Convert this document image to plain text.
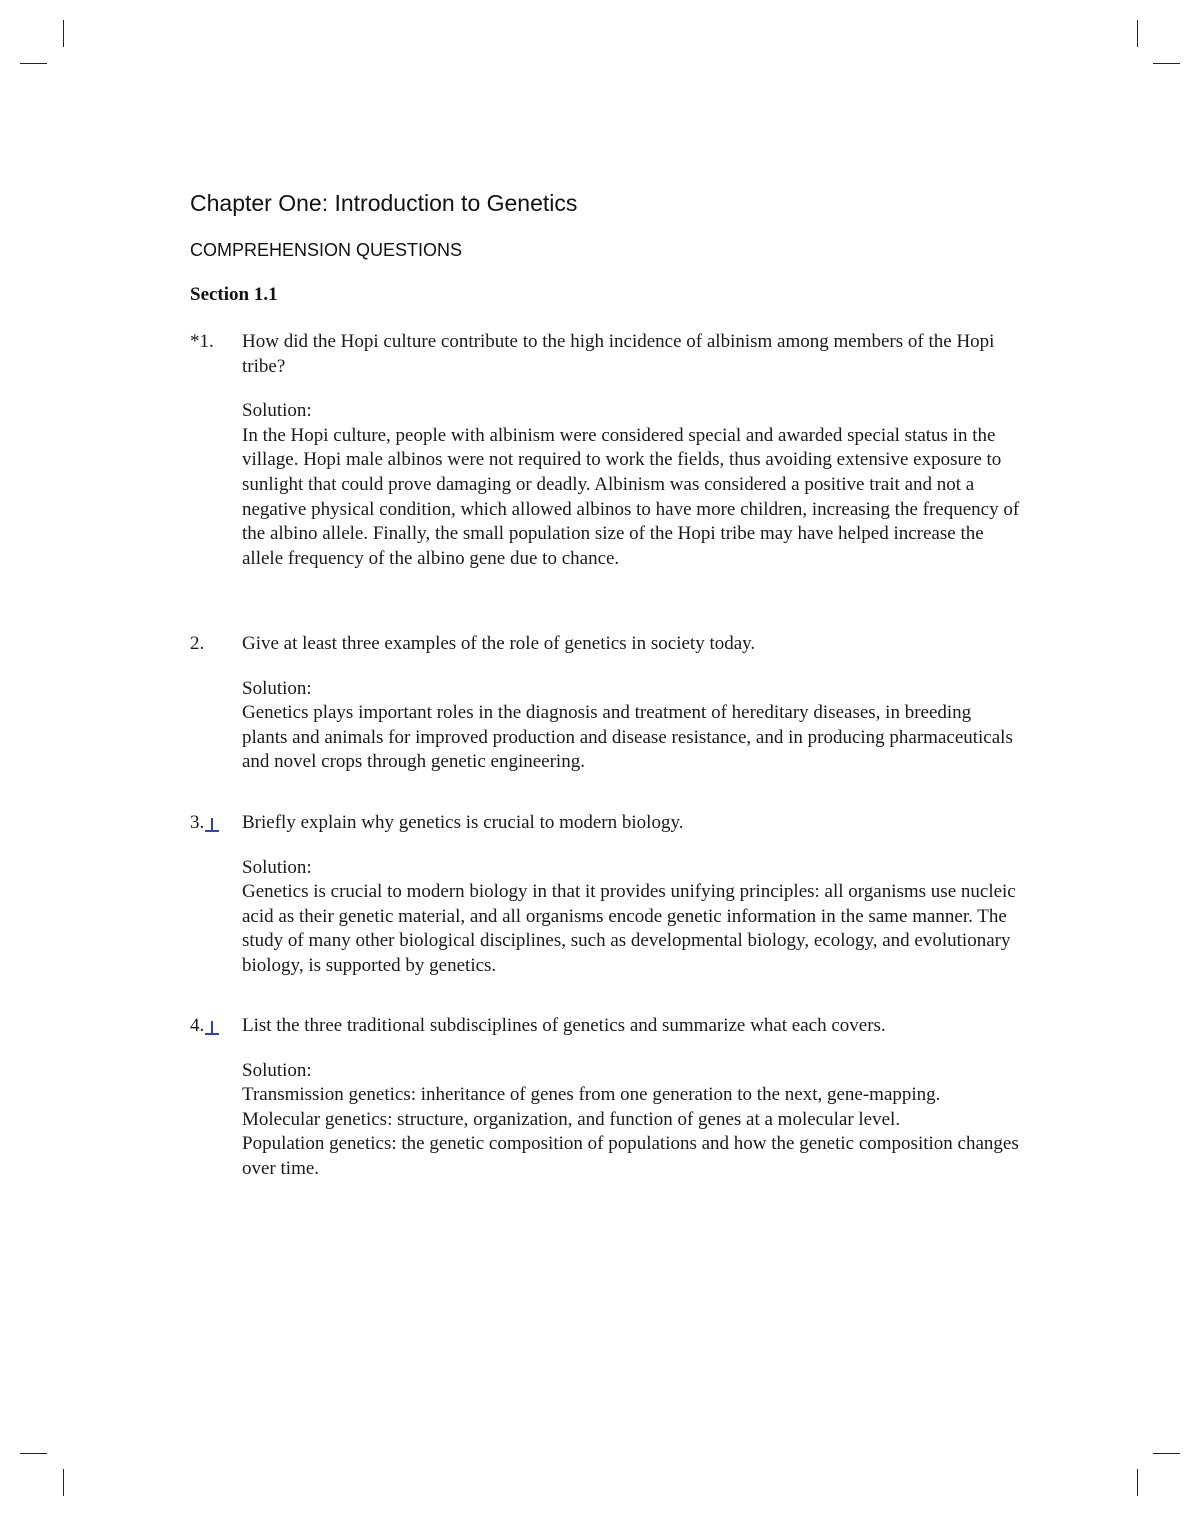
Chapter One: Introduction to Genetics
COMPREHENSION QUESTIONS
Section 1.1
*1.	How did the Hopi culture contribute to the high incidence of albinism among members of the Hopi tribe?

Solution:

In the Hopi culture, people with albinism were considered special and awarded special status in the village. Hopi male albinos were not required to work the fields, thus avoiding extensive exposure to sunlight that could prove damaging or deadly. Albinism was considered a positive trait and not a negative physical condition, which allowed albinos to have more children, increasing the frequency of the albino allele. Finally, the small population size of the Hopi tribe may have helped increase the allele frequency of the albino gene due to chance.

2.	Give at least three examples of the role of genetics in society today.

Solution:

Genetics plays important roles in the diagnosis and treatment of hereditary diseases, in breeding plants and animals for improved production and disease resistance, and in producing pharmaceuticals and novel crops through genetic engineering.

3.	Briefly explain why genetics is crucial to modern biology.

Solution:

Genetics is crucial to modern biology in that it provides unifying principles: all organisms use nucleic acid as their genetic material, and all organisms encode genetic information in the same manner. The study of many other biological disciplines, such as developmental biology, ecology, and evolutionary biology, is supported by genetics.

4.	List the three traditional subdisciplines of genetics and summarize what each covers.

Solution:

Transmission genetics: inheritance of genes from one generation to the next, gene-mapping.

Molecular genetics: structure, organization, and function of genes at a molecular level.

Population genetics: the genetic composition of populations and how the genetic composition changes over time.
